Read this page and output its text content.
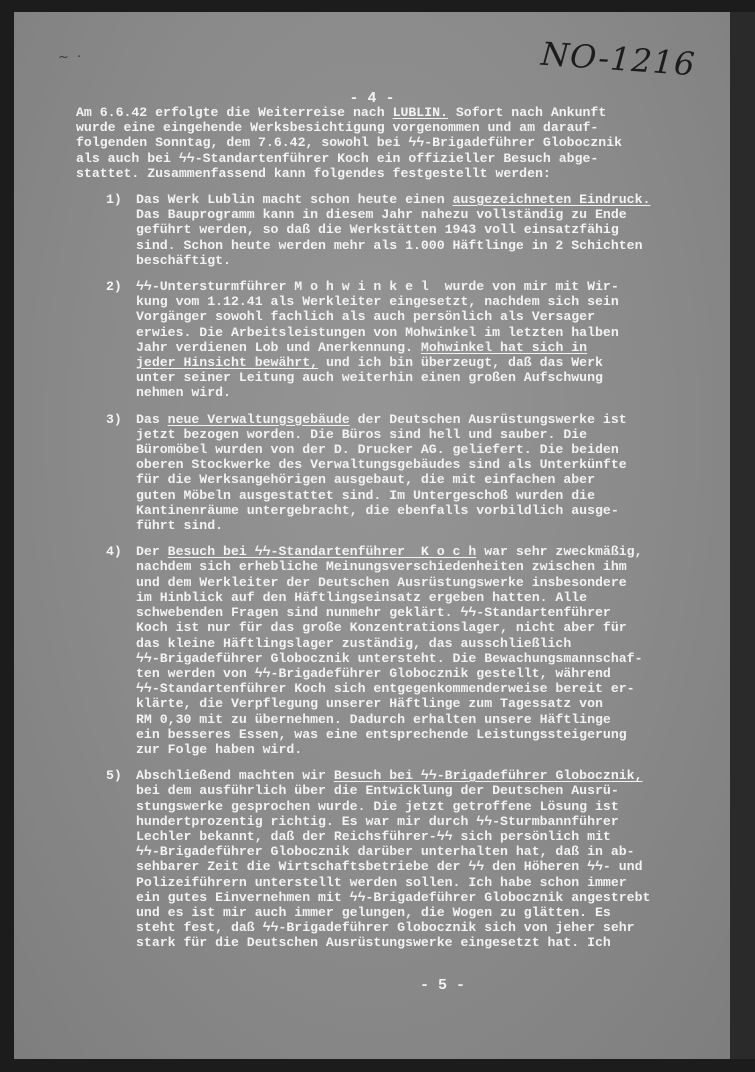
~ ·	NO-1216
- 4 -

Am 6.6.42 erfolgte die Weiterreise nach LUBLIN. Sofort nach Ankunft
wurde eine eingehende Werksbesichtigung vorgenommen und am darauf-
folgenden Sonntag, dem 7.6.42, sowohl bei ϟϟ-Brigadeführer Globocznik
als auch bei ϟϟ-Standartenführer Koch ein offizieller Besuch abge-
stattet. Zusammenfassend kann folgendes festgestellt werden:

1)	Das Werk Lublin macht schon heute einen ausgezeichneten Eindruck.
Das Bauprogramm kann in diesem Jahr nahezu vollständig zu Ende
geführt werden, so daß die Werkstätten 1943 voll einsatzfähig
sind. Schon heute werden mehr als 1.000 Häftlinge in 2 Schichten
beschäftigt.
2)	ϟϟ-Untersturmführer M o h w i n k e l  wurde von mir mit Wir-
kung vom 1.12.41 als Werkleiter eingesetzt, nachdem sich sein
Vorgänger sowohl fachlich als auch persönlich als Versager
erwies. Die Arbeitsleistungen von Mohwinkel im letzten halben
Jahr verdienen Lob und Anerkennung. Mohwinkel hat sich in
jeder Hinsicht bewährt, und ich bin überzeugt, daß das Werk
unter seiner Leitung auch weiterhin einen großen Aufschwung
nehmen wird.
3)	Das neue Verwaltungsgebäude der Deutschen Ausrüstungswerke ist
jetzt bezogen worden. Die Büros sind hell und sauber. Die
Büromöbel wurden von der D. Drucker AG. geliefert. Die beiden
oberen Stockwerke des Verwaltungsgebäudes sind als Unterkünfte
für die Werksangehörigen ausgebaut, die mit einfachen aber
guten Möbeln ausgestattet sind. Im Untergeschoß wurden die
Kantinenräume untergebracht, die ebenfalls vorbildlich ausge-
führt sind.
4)	Der Besuch bei ϟϟ-Standartenführer  K o c h war sehr zweckmäßig,
nachdem sich erhebliche Meinungsverschiedenheiten zwischen ihm
und dem Werkleiter der Deutschen Ausrüstungswerke insbesondere
im Hinblick auf den Häftlingseinsatz ergeben hatten. Alle
schwebenden Fragen sind nunmehr geklärt. ϟϟ-Standartenführer
Koch ist nur für das große Konzentrationslager, nicht aber für
das kleine Häftlingslager zuständig, das ausschließlich
ϟϟ-Brigadeführer Globocznik untersteht. Die Bewachungsmannschaf-
ten werden von ϟϟ-Brigadeführer Globocznik gestellt, während
ϟϟ-Standartenführer Koch sich entgegenkommenderweise bereit er-
klärte, die Verpflegung unserer Häftlinge zum Tagessatz von
RM 0,30 mit zu übernehmen. Dadurch erhalten unsere Häftlinge
ein besseres Essen, was eine entsprechende Leistungssteigerung
zur Folge haben wird.
5)	Abschließend machten wir Besuch bei ϟϟ-Brigadeführer Globocznik,
bei dem ausführlich über die Entwicklung der Deutschen Ausrü-
stungswerke gesprochen wurde. Die jetzt getroffene Lösung ist
hundertprozentig richtig. Es war mir durch ϟϟ-Sturmbannführer
Lechler bekannt, daß der Reichsführer-ϟϟ sich persönlich mit
ϟϟ-Brigadeführer Globocznik darüber unterhalten hat, daß in ab-
sehbarer Zeit die Wirtschaftsbetriebe der ϟϟ den Höheren ϟϟ- und
Polizeiführern unterstellt werden sollen. Ich habe schon immer
ein gutes Einvernehmen mit ϟϟ-Brigadeführer Globocznik angestrebt
und es ist mir auch immer gelungen, die Wogen zu glätten. Es
steht fest, daß ϟϟ-Brigadeführer Globocznik sich von jeher sehr
stark für die Deutschen Ausrüstungswerke eingesetzt hat. Ich
- 5 -
